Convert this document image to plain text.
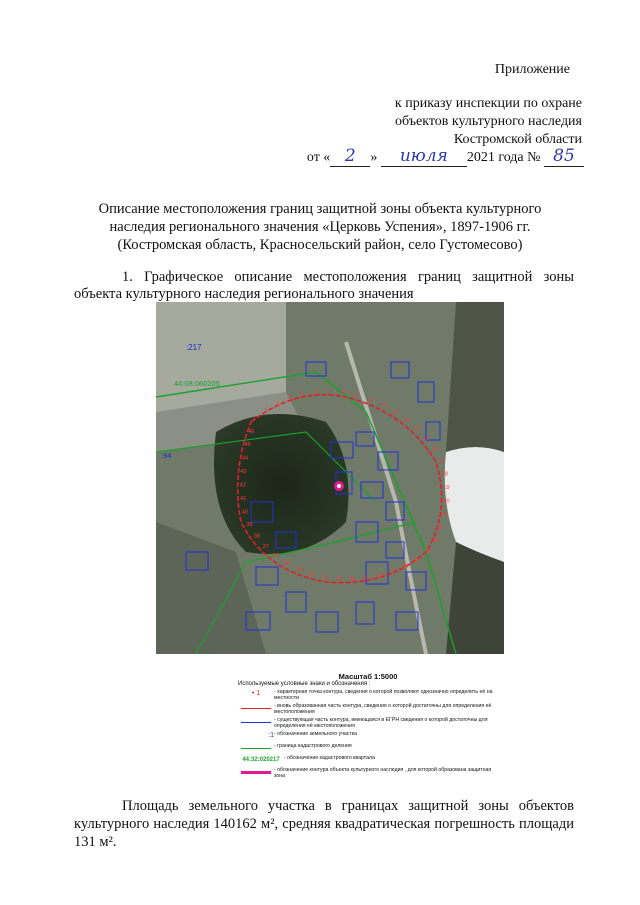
Приложение
к приказу инспекции по охране
объектов культурного наследия
Костромской области
от « 2 » июля 2021 года № 85
Описание местоположения границ защитной зоны объекта культурного
наследия регионального значения «Церковь Успения», 1897-1906 гг.
(Костромская область, Красносельский район, село Густомесово)
1. Графическое описание местоположения границ защитной зоны объекта культурного наследия регионального значения
1
2
3
4
5 6 7 8
9
10
11
12
13
14
15
16
17
18
19
20
21
22
23
24
25
26
27
28
29
30
31
32
33
34
35
36
37
38
39
40
41
42
43
44
45
46
:217
44:08:060205
:94
Масштаб 1:5000
Используемые условные знаки и обозначения :
• 1	- характерная точка контура, сведения о которой позволяют однозначно определить её на местности
- вновь образованная часть контура, сведения о которой достаточны для определения её местоположения
- существующая часть контура, имеющаяся в ЕГРН сведения о которой достаточны для определения её местоположения
:1 - обозначение земельного участка
- граница кадастрового деления
44:32:020217 - обозначение кадастрового квартала
- обозначение контура объекта культурного наследия , для которой образована защитная зона
Площадь земельного участка в границах защитной зоны объектов культурного наследия 140162 м², средняя квадратическая погрешность площади 131 м².
